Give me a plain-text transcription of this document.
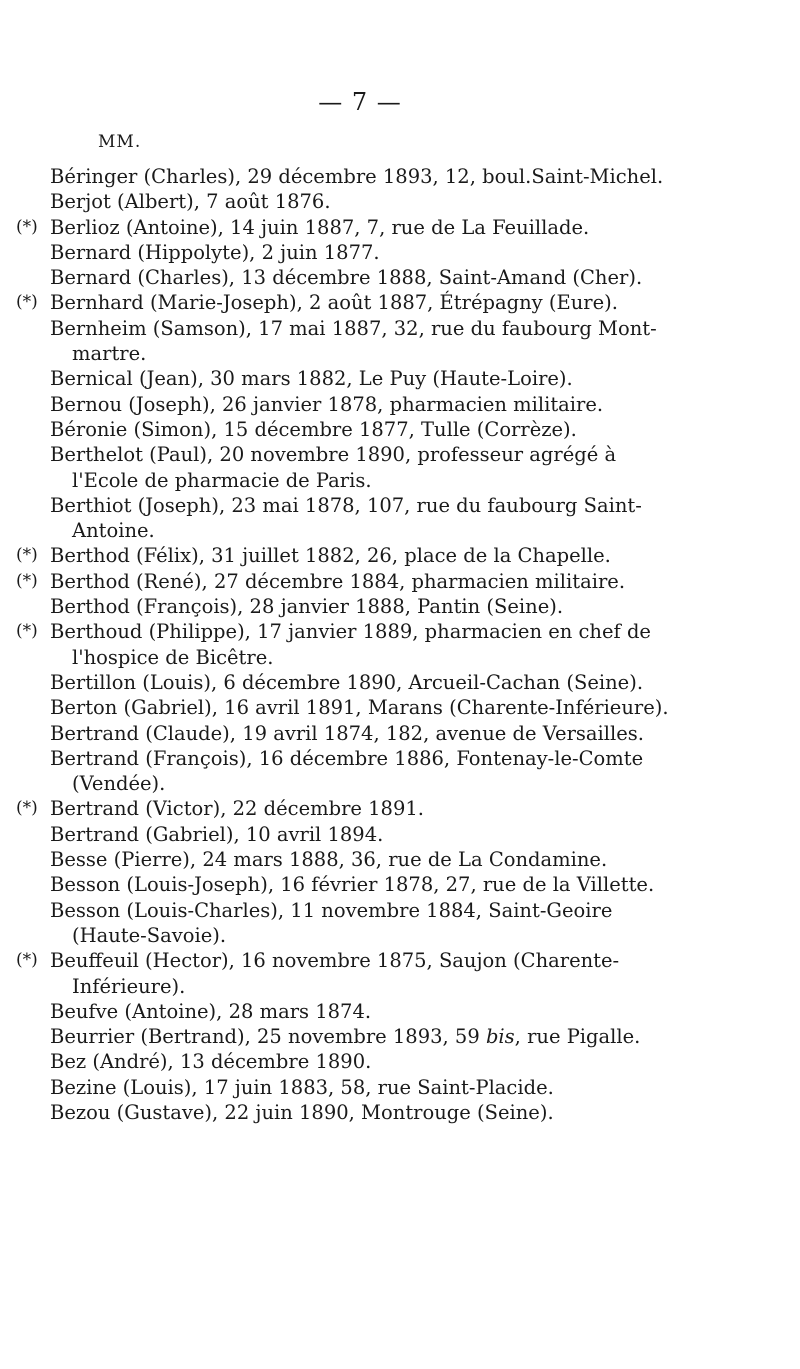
— 7 —
MM.
Béringer (Charles), 29 décembre 1893, 12, boul.Saint-Michel.
Berjot (Albert), 7 août 1876.
(*) Berlioz (Antoine), 14 juin 1887, 7, rue de La Feuillade.
Bernard (Hippolyte), 2 juin 1877.
Bernard (Charles), 13 décembre 1888, Saint-Amand (Cher).
(*) Bernhard (Marie-Joseph), 2 août 1887, Étrépagny (Eure).
Bernheim (Samson), 17 mai 1887, 32, rue du faubourg Mont-
martre.
Bernical (Jean), 30 mars 1882, Le Puy (Haute-Loire).
Bernou (Joseph), 26 janvier 1878, pharmacien militaire.
Béronie (Simon), 15 décembre 1877, Tulle (Corrèze).
Berthelot (Paul), 20 novembre 1890, professeur agrégé à
l'Ecole de pharmacie de Paris.
Berthiot (Joseph), 23 mai 1878, 107, rue du faubourg Saint-
Antoine.
(*) Berthod (Félix), 31 juillet 1882, 26, place de la Chapelle.
(*) Berthod (René), 27 décembre 1884, pharmacien militaire.
Berthod (François), 28 janvier 1888, Pantin (Seine).
(*) Berthoud (Philippe), 17 janvier 1889, pharmacien en chef de
l'hospice de Bicêtre.
Bertillon (Louis), 6 décembre 1890, Arcueil-Cachan (Seine).
Berton (Gabriel), 16 avril 1891, Marans (Charente-Inférieure).
Bertrand (Claude), 19 avril 1874, 182, avenue de Versailles.
Bertrand (François), 16 décembre 1886, Fontenay-le-Comte
(Vendée).
(*) Bertrand (Victor), 22 décembre 1891.
Bertrand (Gabriel), 10 avril 1894.
Besse (Pierre), 24 mars 1888, 36, rue de La Condamine.
Besson (Louis-Joseph), 16 février 1878, 27, rue de la Villette.
Besson (Louis-Charles), 11 novembre 1884, Saint-Geoire
(Haute-Savoie).
(*) Beuffeuil (Hector), 16 novembre 1875, Saujon (Charente-
Inférieure).
Beufve (Antoine), 28 mars 1874.
Beurrier (Bertrand), 25 novembre 1893, 59 bis, rue Pigalle.
Bez (André), 13 décembre 1890.
Bezine (Louis), 17 juin 1883, 58, rue Saint-Placide.
Bezou (Gustave), 22 juin 1890, Montrouge (Seine).
